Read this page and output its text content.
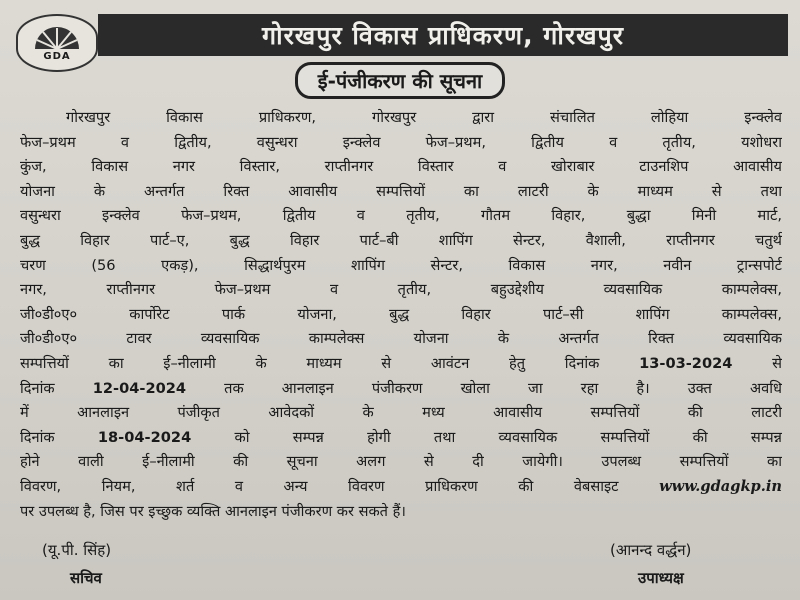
GDA
गोरखपुर विकास प्राधिकरण, गोरखपुर
ई-पंजीकरण की सूचना
गोरखपुर विकास प्राधिकरण, गोरखपुर द्वारा संचालित लोहिया इन्क्लेव
फेज–प्रथम व द्वितीय, वसुन्धरा इन्क्लेव फेज–प्रथम, द्वितीय व तृतीय, यशोधरा
कुंज, विकास नगर विस्तार, राप्तीनगर विस्तार व खोराबार टाउनशिप आवासीय
योजना के अन्तर्गत रिक्त आवासीय सम्पत्तियों का लाटरी के माध्यम से तथा
वसुन्धरा इन्क्लेव फेज–प्रथम, द्वितीय व तृतीय, गौतम विहार, बुद्धा मिनी मार्ट,
बुद्ध विहार पार्ट–ए, बुद्ध विहार पार्ट–बी शापिंग सेन्टर, वैशाली, राप्तीनगर चतुर्थ
चरण (56 एकड़), सिद्धार्थपुरम शापिंग सेन्टर, विकास नगर, नवीन ट्रान्सपोर्ट
नगर, राप्तीनगर फेज–प्रथम व तृतीय, बहुउद्देशीय व्यवसायिक काम्पलेक्स,
जी०डी०ए० कार्पोरेट पार्क योजना, बुद्ध विहार पार्ट–सी शापिंग काम्पलेक्स,
जी०डी०ए० टावर व्यवसायिक काम्पलेक्स योजना के अन्तर्गत रिक्त व्यवसायिक
सम्पत्तियों का ई–नीलामी के माध्यम से आवंटन हेतु दिनांक 13-03-2024 से
दिनांक 12-04-2024 तक आनलाइन पंजीकरण खोला जा रहा है। उक्त अवधि
में आनलाइन पंजीकृत आवेदकों के मध्य आवासीय सम्पत्तियों की लाटरी
दिनांक 18-04-2024 को सम्पन्न होगी तथा व्यवसायिक सम्पत्तियों की सम्पन्न
होने वाली ई–नीलामी की सूचना अलग से दी जायेगी। उपलब्ध सम्पत्तियों का
विवरण, नियम, शर्त व अन्य विवरण प्राधिकरण की वेबसाइट www.gdagkp.in
पर उपलब्ध है, जिस पर इच्छुक व्यक्ति आनलाइन पंजीकरण कर सकते हैं।
(यू.पी. सिंह)
सचिव
(आनन्द वर्द्धन)
उपाध्यक्ष
